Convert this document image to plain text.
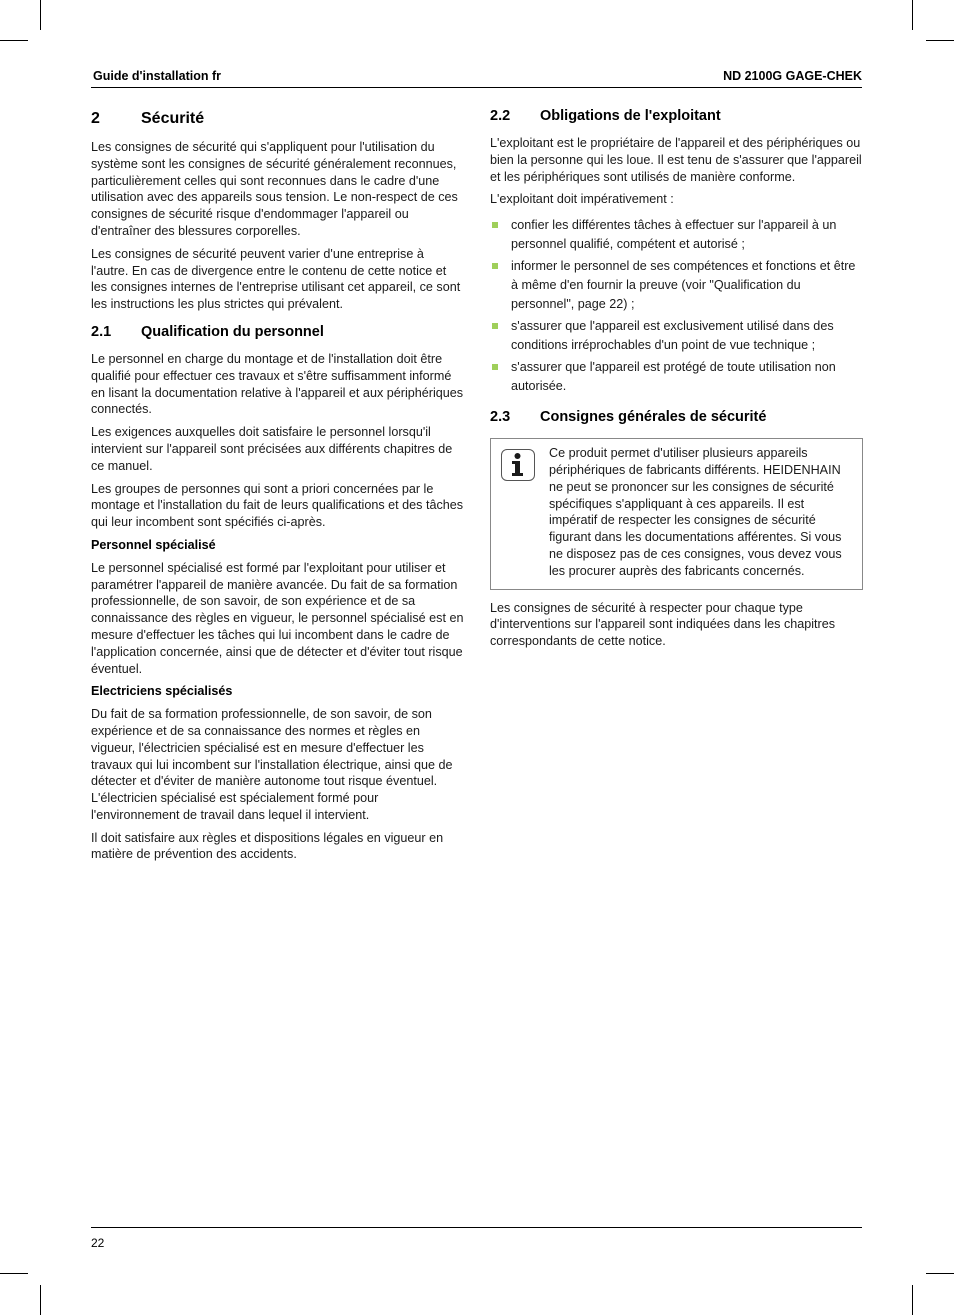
Guide d'installation fr	ND 2100G GAGE-CHEK
2	Sécurité

Les consignes de sécurité qui s'appliquent pour l'utilisation du système sont les consignes de sécurité généralement reconnues, particulièrement celles qui sont reconnues dans le cadre d'une utilisation avec des appareils sous tension. Le non-respect de ces consignes de sécurité risque d'endommager l'appareil ou d'entraîner des blessures corporelles.

Les consignes de sécurité peuvent varier d'une entreprise à l'autre. En cas de divergence entre le contenu de cette notice et les consignes internes de l'entreprise utilisant cet appareil, ce sont les instructions les plus strictes qui prévalent.

2.1 Qualification du personnel

Le personnel en charge du montage et de l'installation doit être qualifié pour effectuer ces travaux et s'être suffisamment informé en lisant la documentation relative à l'appareil et aux périphériques connectés.

Les exigences auxquelles doit satisfaire le personnel lorsqu'il intervient sur l'appareil sont précisées aux différents chapitres de ce manuel.

Les groupes de personnes qui sont a priori concernées par le montage et l'installation du fait de leurs qualifications et des tâches qui leur incombent sont spécifiés ci-après.

Personnel spécialisé

Le personnel spécialisé est formé par l'exploitant pour utiliser et paramétrer l'appareil de manière avancée. Du fait de sa formation professionnelle, de son savoir, de son expérience et de sa connaissance des règles en vigueur, le personnel spécialisé est en mesure d'effectuer les tâches qui lui incombent dans le cadre de l'application concernée, ainsi que de détecter et d'éviter tout risque éventuel.

Electriciens spécialisés

Du fait de sa formation professionnelle, de son savoir, de son expérience et de sa connaissance des normes et règles en vigueur, l'électricien spécialisé est en mesure d'effectuer les travaux qui lui incombent sur l'installation électrique, ainsi que de détecter et d'éviter de manière autonome tout risque éventuel. L'électricien spécialisé est spécialement formé pour l'environnement de travail dans lequel il intervient.

Il doit satisfaire aux règles et dispositions légales en vigueur en matière de prévention des accidents.

2.2 Obligations de l'exploitant

L'exploitant est le propriétaire de l'appareil et des périphériques ou bien la personne qui les loue. Il est tenu de s'assurer que l'appareil et les périphériques sont utilisés de manière conforme.

L'exploitant doit impérativement :

confier les différentes tâches à effectuer sur l'appareil à un personnel qualifié, compétent et autorisé ;
informer le personnel de ses compétences et fonctions et être à même d'en fournir la preuve (voir "Qualification du personnel", page 22) ;
s'assurer que l'appareil est exclusivement utilisé dans des conditions irréprochables d'un point de vue technique ;
s'assurer que l'appareil est protégé de toute utilisation non autorisée.
2.3 Consignes générales de sécurité

Ce produit permet d'utiliser plusieurs appareils périphériques de fabricants différents. HEIDENHAIN ne peut se prononcer sur les consignes de sécurité spécifiques s'appliquant à ces appareils. Il est impératif de respecter les consignes de sécurité figurant dans les documentations afférentes. Si vous ne disposez pas de ces consignes, vous devez vous les procurer auprès des fabricants concernés.

Les consignes de sécurité à respecter pour chaque type d'interventions sur l'appareil sont indiquées dans les chapitres correspondants de cette notice.

22
